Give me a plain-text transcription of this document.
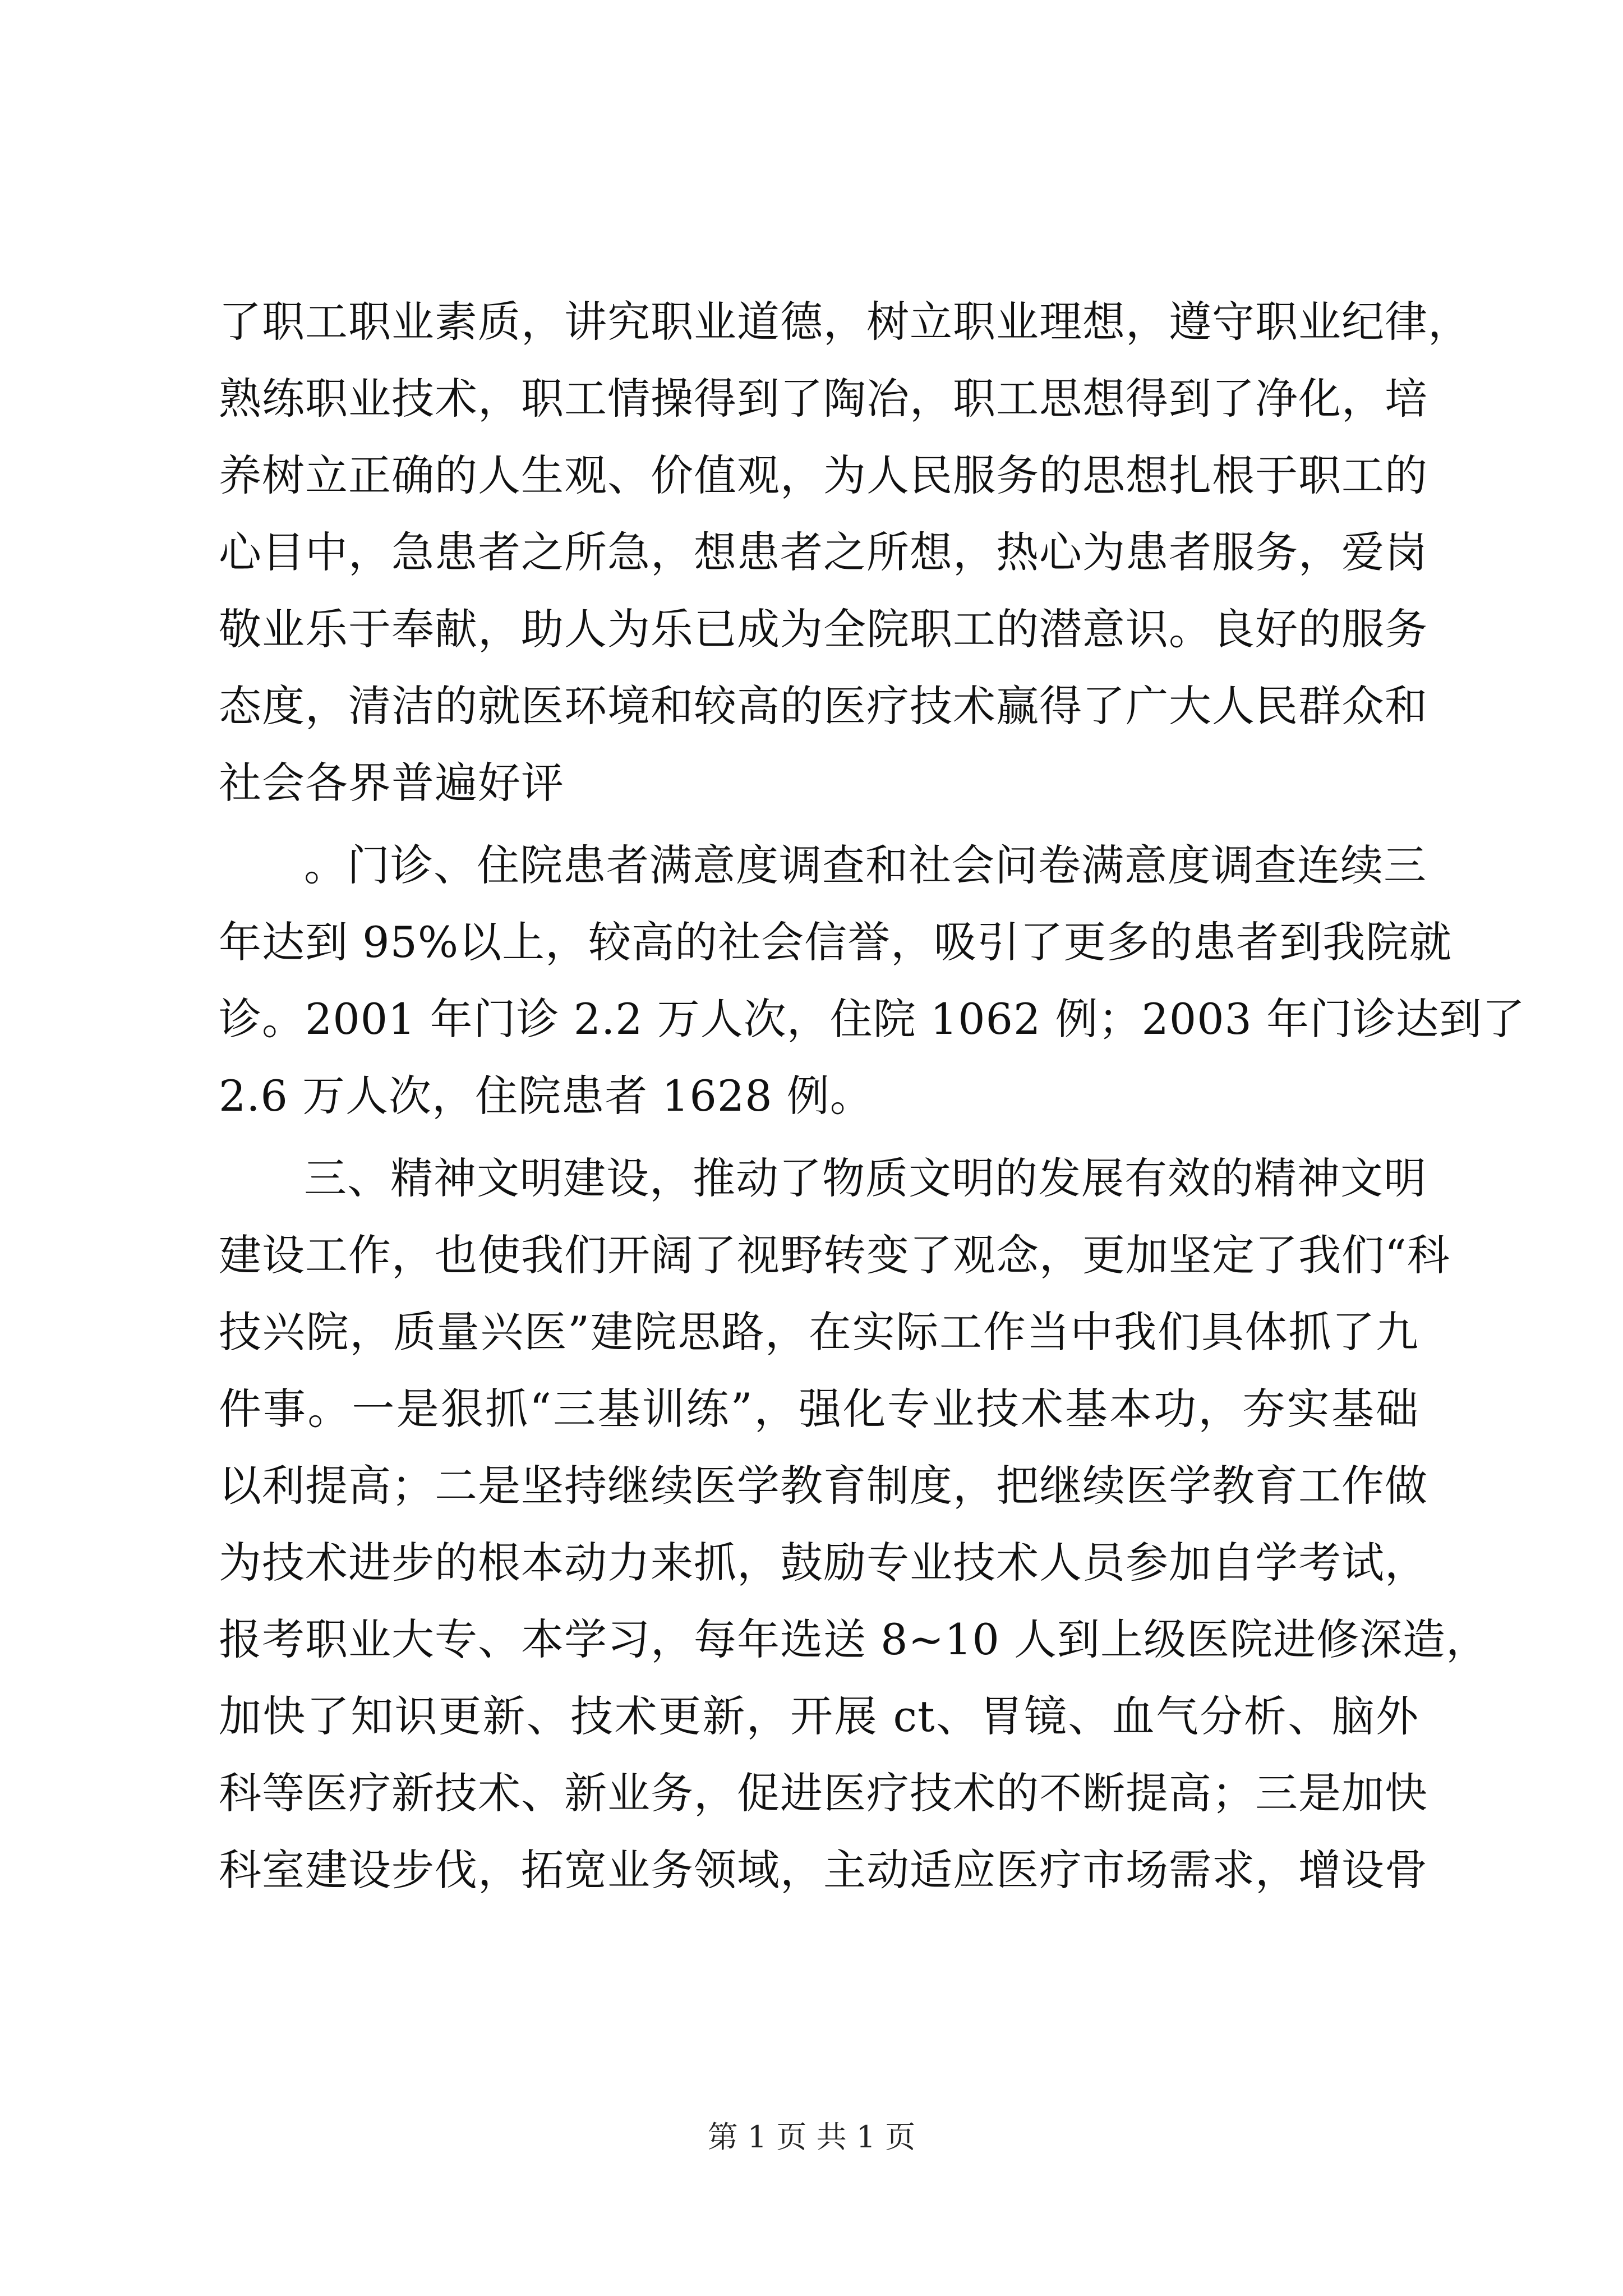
了职工职业素质，讲究职业道德，树立职业理想，遵守职业纪律，
熟练职业技术，职工情操得到了陶冶，职工思想得到了净化，培
养树立正确的人生观、价值观，为人民服务的思想扎根于职工的
心目中，急患者之所急，想患者之所想，热心为患者服务，爱岗
敬业乐于奉献，助人为乐已成为全院职工的潜意识。良好的服务
态度，清洁的就医环境和较高的医疗技术赢得了广大人民群众和
社会各界普遍好评
。门诊、住院患者满意度调查和社会问卷满意度调查连续三
年达到 95%以上，较高的社会信誉，吸引了更多的患者到我院就
诊。2001 年门诊 2.2 万人次，住院 1062 例；2003 年门诊达到了
2.6 万人次，住院患者 1628 例。
三、精神文明建设，推动了物质文明的发展有效的精神文明
建设工作，也使我们开阔了视野转变了观念，更加坚定了我们“科
技兴院，质量兴医”建院思路，在实际工作当中我们具体抓了九
件事。一是狠抓“三基训练”，强化专业技术基本功，夯实基础
以利提高；二是坚持继续医学教育制度，把继续医学教育工作做
为技术进步的根本动力来抓，鼓励专业技术人员参加自学考试，
报考职业大专、本学习，每年选送 8~10 人到上级医院进修深造，
加快了知识更新、技术更新，开展 ct、胃镜、血气分析、脑外
科等医疗新技术、新业务，促进医疗技术的不断提高；三是加快
科室建设步伐，拓宽业务领域，主动适应医疗市场需求，增设骨
第 1 页 共 1 页
